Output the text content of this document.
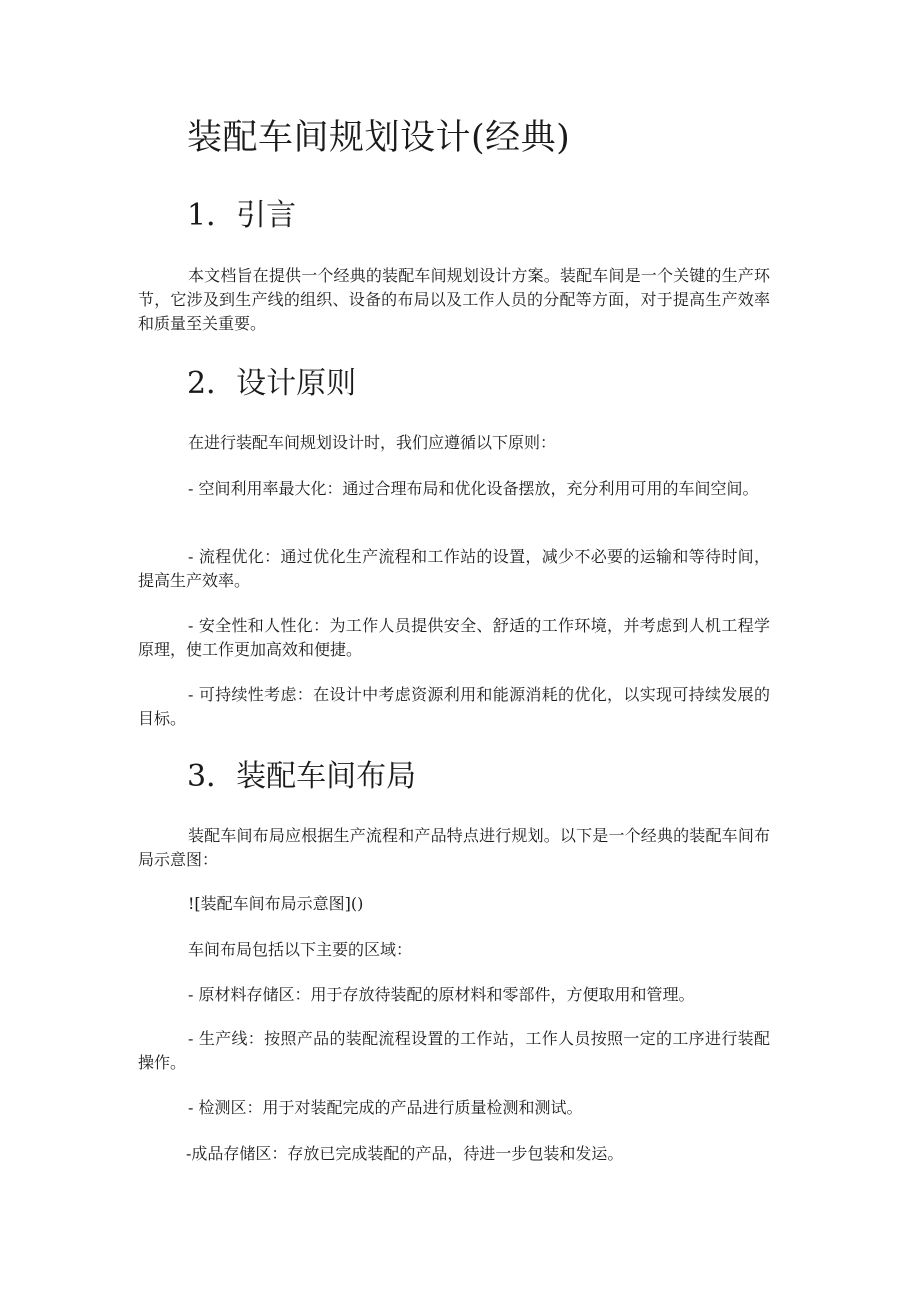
装配车间规划设计(经典)
1．引言

本文档旨在提供一个经典的装配车间规划设计方案。装配车间是一个关键的生产环节，它涉及到生产线的组织、设备的布局以及工作人员的分配等方面，对于提高生产效率和质量至关重要。

2．设计原则

在进行装配车间规划设计时，我们应遵循以下原则：

- 空间利用率最大化：通过合理布局和优化设备摆放，充分利用可用的车间空间。

- 流程优化：通过优化生产流程和工作站的设置，减少不必要的运输和等待时间，提高生产效率。

- 安全性和人性化：为工作人员提供安全、舒适的工作环境，并考虑到人机工程学原理，使工作更加高效和便捷。

- 可持续性考虑：在设计中考虑资源利用和能源消耗的优化，以实现可持续发展的目标。

3．装配车间布局

装配车间布局应根据生产流程和产品特点进行规划。以下是一个经典的装配车间布局示意图：

![装配车间布局示意图]()

车间布局包括以下主要的区域：

- 原材料存储区：用于存放待装配的原材料和零部件，方便取用和管理。

- 生产线：按照产品的装配流程设置的工作站，工作人员按照一定的工序进行装配操作。

- 检测区：用于对装配完成的产品进行质量检测和测试。

-成品存储区：存放已完成装配的产品，待进一步包装和发运。
